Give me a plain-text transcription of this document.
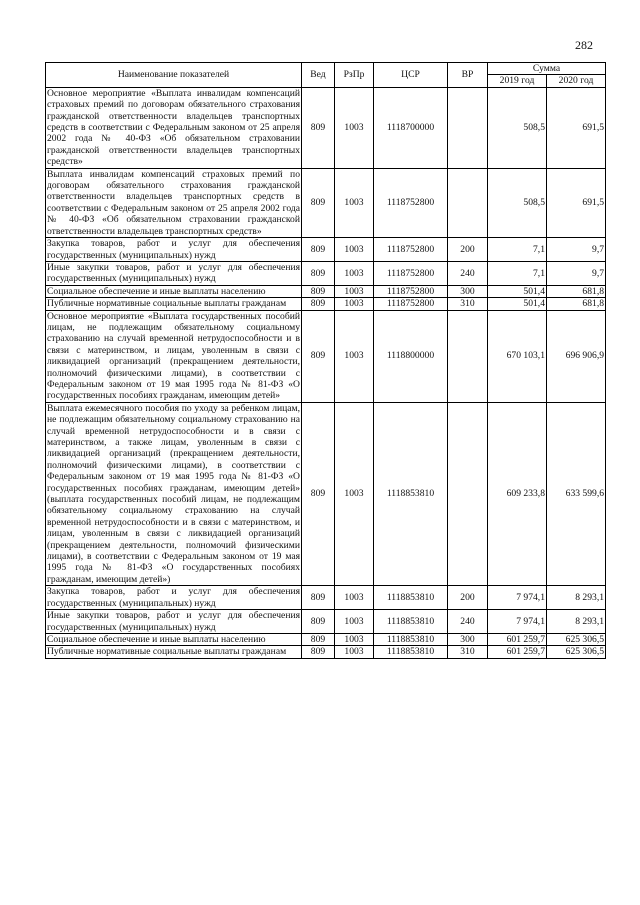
282
Наименование показателей	Вед	РзПр	ЦСР	ВР	Сумма	
					2019 год	2020 год
Основное мероприятие «Выплата инвалидам компенсаций страховых премий по договорам обязательного страхования гражданской ответственности владельцев транспортных средств в соответствии с Федеральным законом от 25 апреля 2002 года № 40-ФЗ «Об обязательном страховании гражданской ответственности владельцев транспортных средств»	809	1003	1118700000		508,5	691,5
Выплата инвалидам компенсаций страховых премий по договорам обязательного страхования гражданской ответственности владельцев транспортных средств в соответствии с Федеральным законом от 25 апреля 2002 года № 40-ФЗ «Об обязательном страховании гражданской ответственности владельцев транспортных средств»	809	1003	1118752800		508,5	691,5
Закупка товаров, работ и услуг для обеспечения государственных (муниципальных) нужд	809	1003	1118752800	200	7,1	9,7
Иные закупки товаров, работ и услуг для обеспечения государственных (муниципальных) нужд	809	1003	1118752800	240	7,1	9,7
Социальное обеспечение и иные выплаты населению	809	1003	1118752800	300	501,4	681,8
Публичные нормативные социальные выплаты гражданам	809	1003	1118752800	310	501,4	681,8
Основное мероприятие «Выплата государственных пособий лицам, не подлежащим обязательному социальному страхованию на случай временной нетрудоспособности и в связи с материнством, и лицам, уволенным в связи с ликвидацией организаций (прекращением деятельности, полномочий физическими лицами), в соответствии с Федеральным законом от 19 мая 1995 года № 81-ФЗ «О государственных пособиях гражданам, имеющим детей»	809	1003	1118800000		670 103,1	696 906,9
Выплата ежемесячного пособия по уходу за ребенком лицам, не подлежащим обязательному социальному страхованию на случай временной нетрудоспособности и в связи с материнством, а также лицам, уволенным в связи с ликвидацией организаций (прекращением деятельности, полномочий физическими лицами), в соответствии с Федеральным законом от 19 мая 1995 года № 81-ФЗ «О государственных пособиях гражданам, имеющим детей» (выплата государственных пособий лицам, не подлежащим обязательному социальному страхованию на случай временной нетрудоспособности и в связи с материнством, и лицам, уволенным в связи с ликвидацией организаций (прекращением деятельности, полномочий физическими лицами), в соответствии с Федеральным законом от 19 мая 1995 года № 81-ФЗ «О государственных пособиях гражданам, имеющим детей»)	809	1003	1118853810		609 233,8	633 599,6
Закупка товаров, работ и услуг для обеспечения государственных (муниципальных) нужд	809	1003	1118853810	200	7 974,1	8 293,1
Иные закупки товаров, работ и услуг для обеспечения государственных (муниципальных) нужд	809	1003	1118853810	240	7 974,1	8 293,1
Социальное обеспечение и иные выплаты населению	809	1003	1118853810	300	601 259,7	625 306,5
Публичные нормативные социальные выплаты гражданам	809	1003	1118853810	310	601 259,7	625 306,5
